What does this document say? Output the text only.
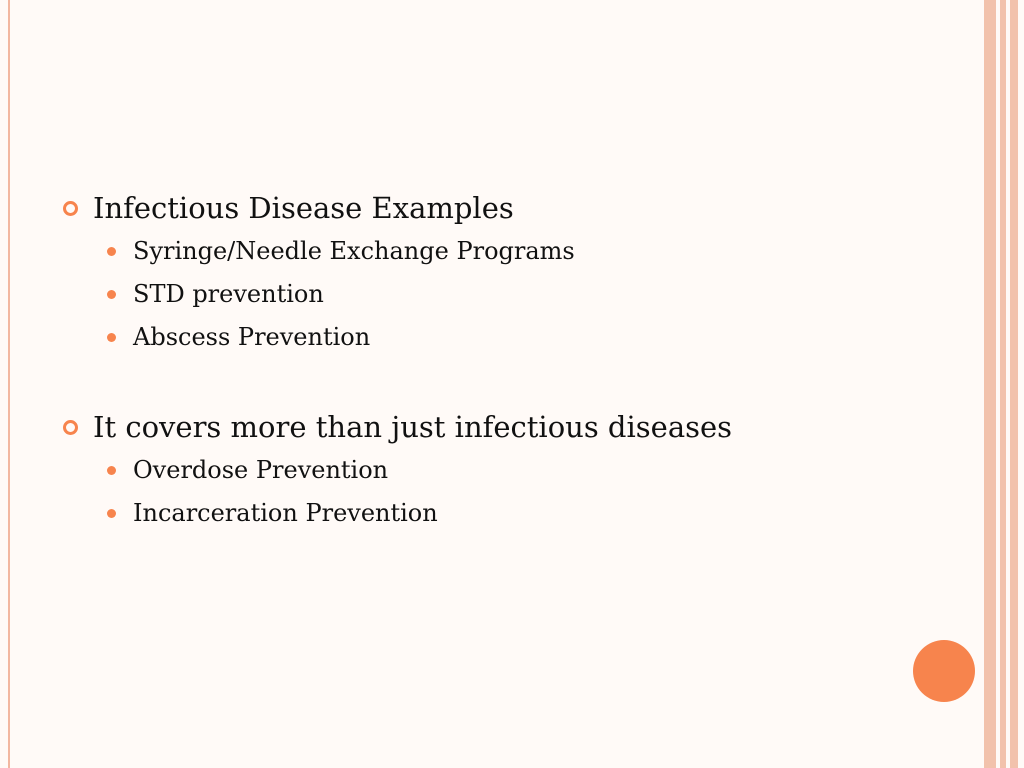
Infectious Disease Examples
Syringe/Needle Exchange Programs
STD prevention
Abscess Prevention
It covers more than just infectious diseases
Overdose Prevention
Incarceration Prevention
